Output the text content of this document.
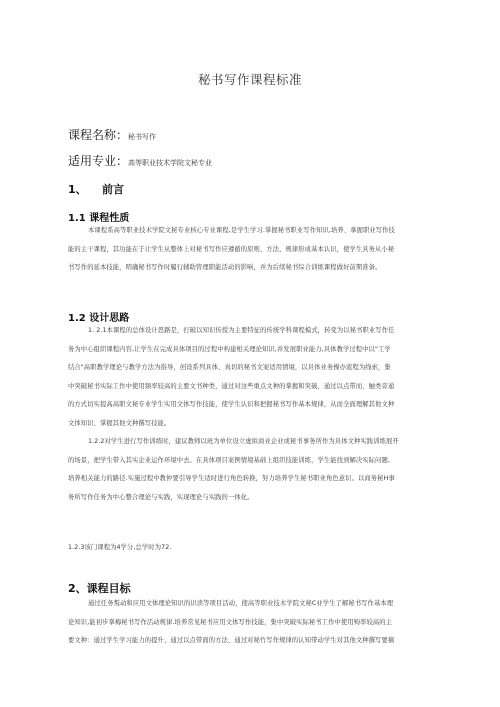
秘书写作课程标准
课程名称：秘书写作
适用专业：高等职业技术学院文秘专业
1、 前言
1.1 课程性质
本课程系高等职业技术学院文秘专业核心专业课程,是学生学习.掌握秘书职业写作知识,培养、拿握职业写作技
能的主干课程，其功能在于让学生从整体上对秘书写作应遵循的原则、方法、规律形成基本认识，使学生具务从小秘
书写作的延本技能，明确秘书写作时履行辅助管理职能活动的影响，并为后续秘书综合训练课程做好前期准备。
1.2 设计思路
1. 2.1本课程的总体设计思路是，打破以知识传授为主要特征的传统学科课程模式，转变为以秘书职业写作任
务为中心组织课程内容,让学生在完成具体项目的过程中构建相关理论知识,并发展职业能力,具体教学过程中以"工学
结合"高职教学理论与教学方法为指导，创设系列具体、真切的秘书文案适用情境，以具体业务操办流程为线索，集
中突破秘书实际工作中使用频率较高的主要文书种类，通过对这些重点文种的掌握和突破，通过以点带而、触类旁通
的方式切实提高高职文秘专业学生实用文体写作技能，使学生认识和把握秘书写作基本规律，从而全面理解其他文种
文体知识、掌握其他文种撰写技能。
1.2.2对学生进行写作训练时，建议教师以班为单位设立虚拟商业企业或秘书事务所作为具体文种实践训练展开
的场景，把学生带入其实企业运作环境中去。在具体项目案例情境基础上组织技能训练，学生能找到解决实际问题,
培养相关能力的路径.实施过程中教仲要引导学生适时进行角色转换，努力培养学生秘书职业角色意识。以商务秘H事
务所写作任务为中心整合理论与实践，实现理论与实践的一体化。
1.2.3该门课程为4学分,总学时为72.
2、课程目标
通过任务叛动和应用文体理论知识的识读等项目活动，使高等职业技术学院文秘C业学生了解秘书写作基本理
论知识,能初步掌梅秘书写作活动规律.培养常见秘书应用文体写作技能，集中突破实际秘书工作中使用殉率较高的主
要文种：通过学生学习能力的提升、通过以点带面的方法、通过对秘竹写作规律的认知带动学生对其他文种撰写要摘
